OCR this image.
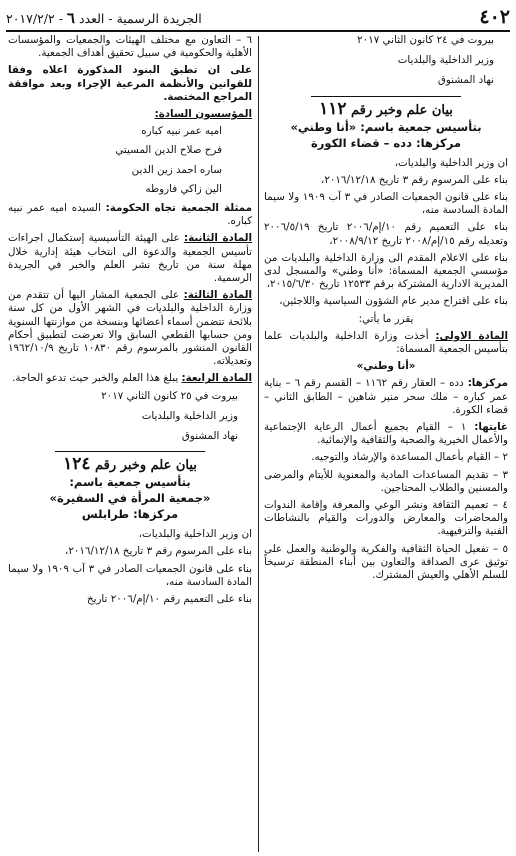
٤٠٢
الجريدة الرسمية - العدد ٦ - ٢٠١٧/٢/٢

بيروت في ٢٤ كانون الثاني ٢٠١٧

وزير الداخلية والبلديات

نهاد المشنوق

بيان علم وخبر رقم ١١٢
بتأسيس جمعية باسم: «أنا وطني»
مركزها: دده – قضاء الكورة

ان وزير الداخلية والبلديات،

بناء على المرسوم رقم ٣ تاريخ ٢٠١٦/١٢/١٨،

بناء على قانون الجمعيات الصادر في ٣ آب ١٩٠٩ ولا سيما المادة السادسة منه،

بناء على التعميم رقم ١٠/إم/٢٠٠٦ تاريخ ٢٠٠٦/٥/١٩ وتعديله رقم ١٥/إم/٢٠٠٨ تاريخ ٢٠٠٨/٩/١٢،

بناء على الاعلام المقدم الى وزارة الداخلية والبلديات من مؤسسي الجمعية المسماة: «أنا وطني» والمسجل لدى المديرية الادارية المشتركة برقم ١٢٥٣٣ تاريخ ٢٠١٥/٦/٣٠،

بناء على اقتراح مدير عام الشؤون السياسية واللاجئين،

يقرر ما يأتي:

المادة الاولى: أخذت وزارة الداخلية والبلديات علما بتأسيس الجمعية المسماة:

«أنا وطني»

مركزها: دده – العقار رقم ١١٦٢ – القسم رقم ٦ – بناية عمر كباره – ملك سحر منير شاهين – الطابق الثاني – قضاء الكورة.

غايتها: ١ – القيام بجميع أعمال الرعاية الإجتماعية والأعمال الخيرية والصحية والثقافية والإنمائية.

٢ – القيام بأعمال المساعدة والإرشاد والتوجيه.

٣ – تقديم المساعدات المادية والمعنوية للأيتام والمرضى والمسنين والطلاب المحتاجين.

٤ – تعميم الثقافة ونشر الوعي والمعرفة وإقامة الندوات والمحاضرات والمعارض والدورات والقيام بالنشاطات الفنية والترفيهية.

٥ – تفعيل الحياة الثقافية والفكرية والوطنية والعمل على توثيق عرى الصداقة والتعاون بين أبناء المنطقة ترسيخاً للسلم الأهلي والعيش المشترك.

٦ – التعاون مع مختلف الهيئات والجمعيات والمؤسسات الأهلية والحكومية في سبيل تحقيق أهداف الجمعية.

على ان تطبق البنود المذكورة اعلاه وفقا للقوانين والأنظمة المرعية الإجراء وبعد موافقة المراجع المختصة.

المؤسسون السادة:

اميه عمر نبيه كباره

فرح صلاح الدين المسيتي

ساره احمد زين الدين

الين زاكي فاروطه

ممثلة الجمعية تجاه الحكومة: السيده اميه عمر نبيه كباره.

المادة الثانية: على الهيئة التأسيسية إستكمال اجراءات تأسيس الجمعية والدعوة الى انتخاب هيئة إدارية خلال مهلة سنة من تاريخ نشر العلم والخبر في الجريدة الرسمية.

المادة الثالثة: على الجمعية المشار اليها أن تتقدم من وزارة الداخلية والبلديات في الشهر الأول من كل سنة بلائحة تتضمن أسماء أعضائها وبنسخة من موازنتها السنوية ومن حسابها القطعي السابق والا تعرضت لتطبيق أحكام القانون المنشور بالمرسوم رقم ١٠٨٣٠ تاريخ ١٩٦٢/١٠/٩ وتعديلاته.

المادة الرابعة: يبلغ هذا العلم والخبر حيث تدعو الحاجة.

بيروت في ٢٥ كانون الثاني ٢٠١٧

وزير الداخلية والبلديات

نهاد المشنوق

بيان علم وخبر رقم ١٢٤
بتأسيس جمعية باسم:
«جمعية المرأة في السفيرة»
مركزها: طرابلس

ان وزير الداخلية والبلديات،

بناء على المرسوم رقم ٣ تاريخ ٢٠١٦/١٢/١٨،

بناء على قانون الجمعيات الصادر في ٣ آب ١٩٠٩ ولا سيما المادة السادسة منه،

بناء على التعميم رقم ١٠/إم/٢٠٠٦ تاريخ
